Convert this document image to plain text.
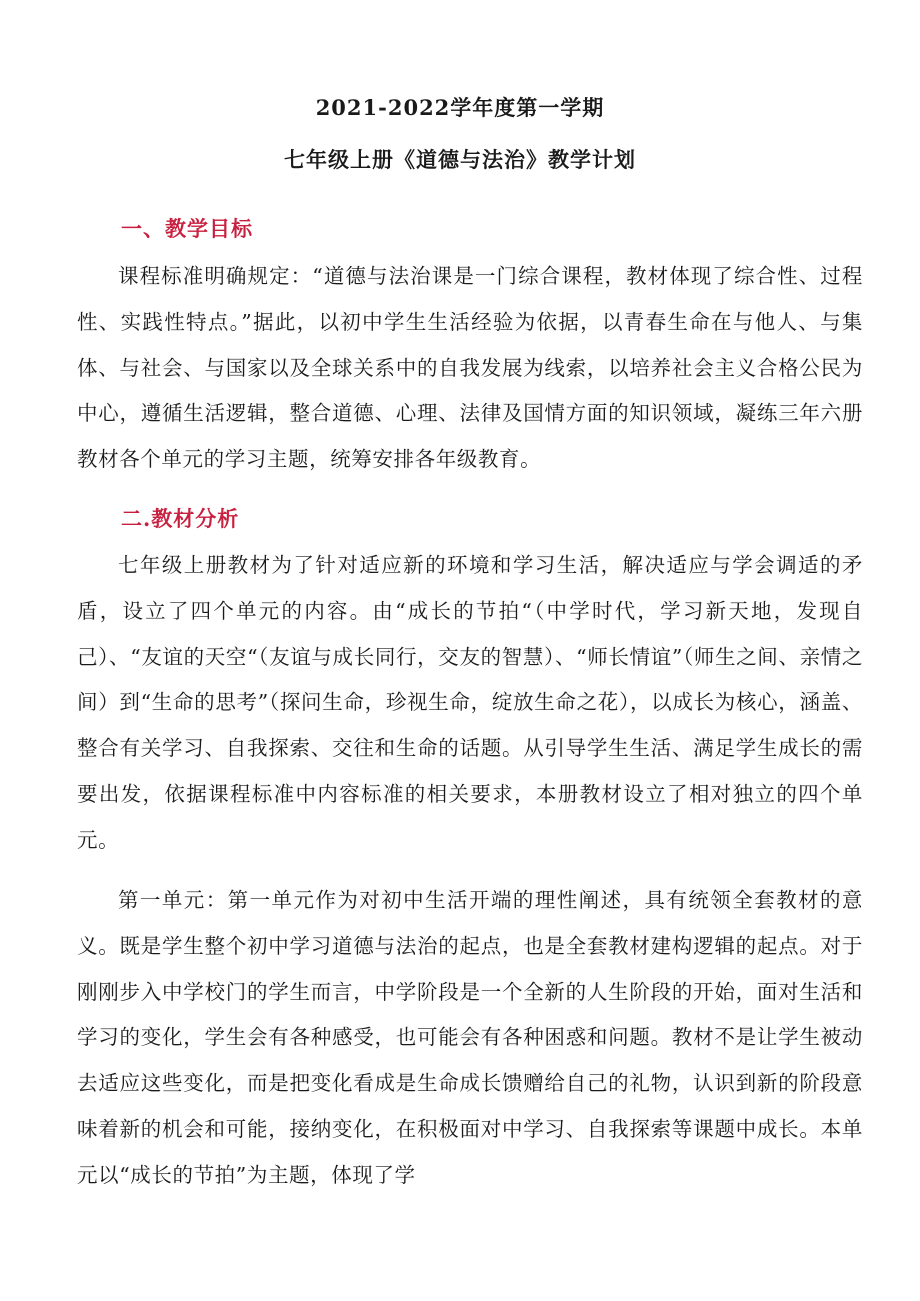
2021-2022学年度第一学期
七年级上册《道德与法治》教学计划
一、教学目标

课程标准明确规定：“道德与法治课是一门综合课程，教材体现了综合性、过程性、实践性特点。”据此，以初中学生生活经验为依据，以青春生命在与他人、与集体、与社会、与国家以及全球关系中的自我发展为线索，以培养社会主义合格公民为中心，遵循生活逻辑，整合道德、心理、法律及国情方面的知识领域，凝练三年六册教材各个单元的学习主题，统筹安排各年级教育。

二.教材分析

七年级上册教材为了针对适应新的环境和学习生活，解决适应与学会调适的矛盾，设立了四个单元的内容。由“成长的节拍“（中学时代，学习新天地，发现自己）、“友谊的天空“（友谊与成长同行，交友的智慧）、“师长情谊”（师生之间、亲情之间）到“生命的思考”（探问生命，珍视生命，绽放生命之花），以成长为核心，涵盖、整合有关学习、自我探索、交往和生命的话题。从引导学生生活、满足学生成长的需要出发，依据课程标准中内容标准的相关要求，本册教材设立了相对独立的四个单元。

第一单元：第一单元作为对初中生活开端的理性阐述，具有统领全套教材的意义。既是学生整个初中学习道德与法治的起点，也是全套教材建构逻辑的起点。对于刚刚步入中学校门的学生而言，中学阶段是一个全新的人生阶段的开始，面对生活和学习的变化，学生会有各种感受，也可能会有各种困惑和问题。教材不是让学生被动去适应这些变化，而是把变化看成是生命成长馈赠给自己的礼物，认识到新的阶段意味着新的机会和可能，接纳变化，在积极面对中学习、自我探索等课题中成长。本单元以“成长的节拍”为主题，体现了学
